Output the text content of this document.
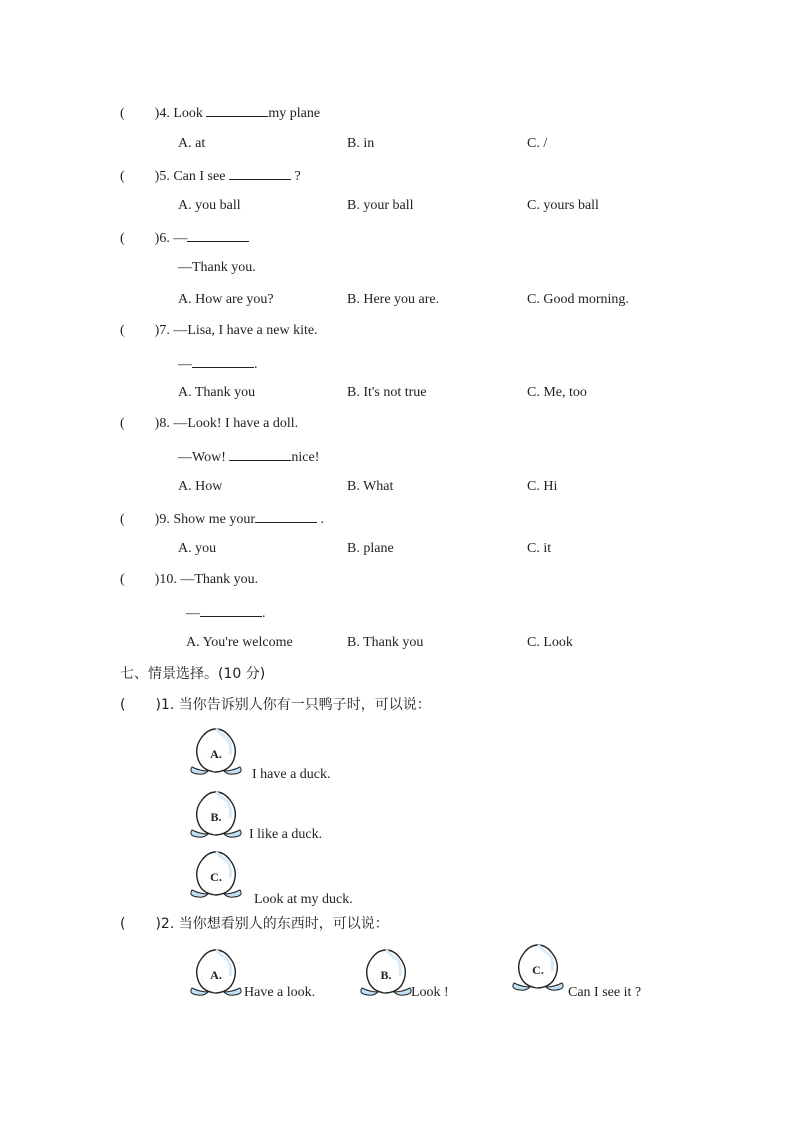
( )4. Look	my plane
A. at	B. in	C. /
( )5. Can I see	?
A. you ball	B. your ball	C. yours ball
( )6. —
—Thank you.
A. How are you?	B. Here you are.	C. Good morning.
( )7. —Lisa, I have a new kite.
—	.
A. Thank you	B. It's not true	C. Me, too
( )8. —Look! I have a doll.
—Wow!	nice!
A. How	B. What	C. Hi
( )9. Show me your	.
A. you	B. plane	C. it
( )10. —Thank you.
—	.
A. You're welcome	B. Thank you	C. Look
七、情景选择。(10 分)
( )1. 当你告诉别人你有一只鸭子时，可以说：
A.
I have a duck.
B.
I like a duck.
C.
Look at my duck.
( )2. 当你想看别人的东西时，可以说：
A.
Have a look.
B.
Look !
C.
Can I see it ?
